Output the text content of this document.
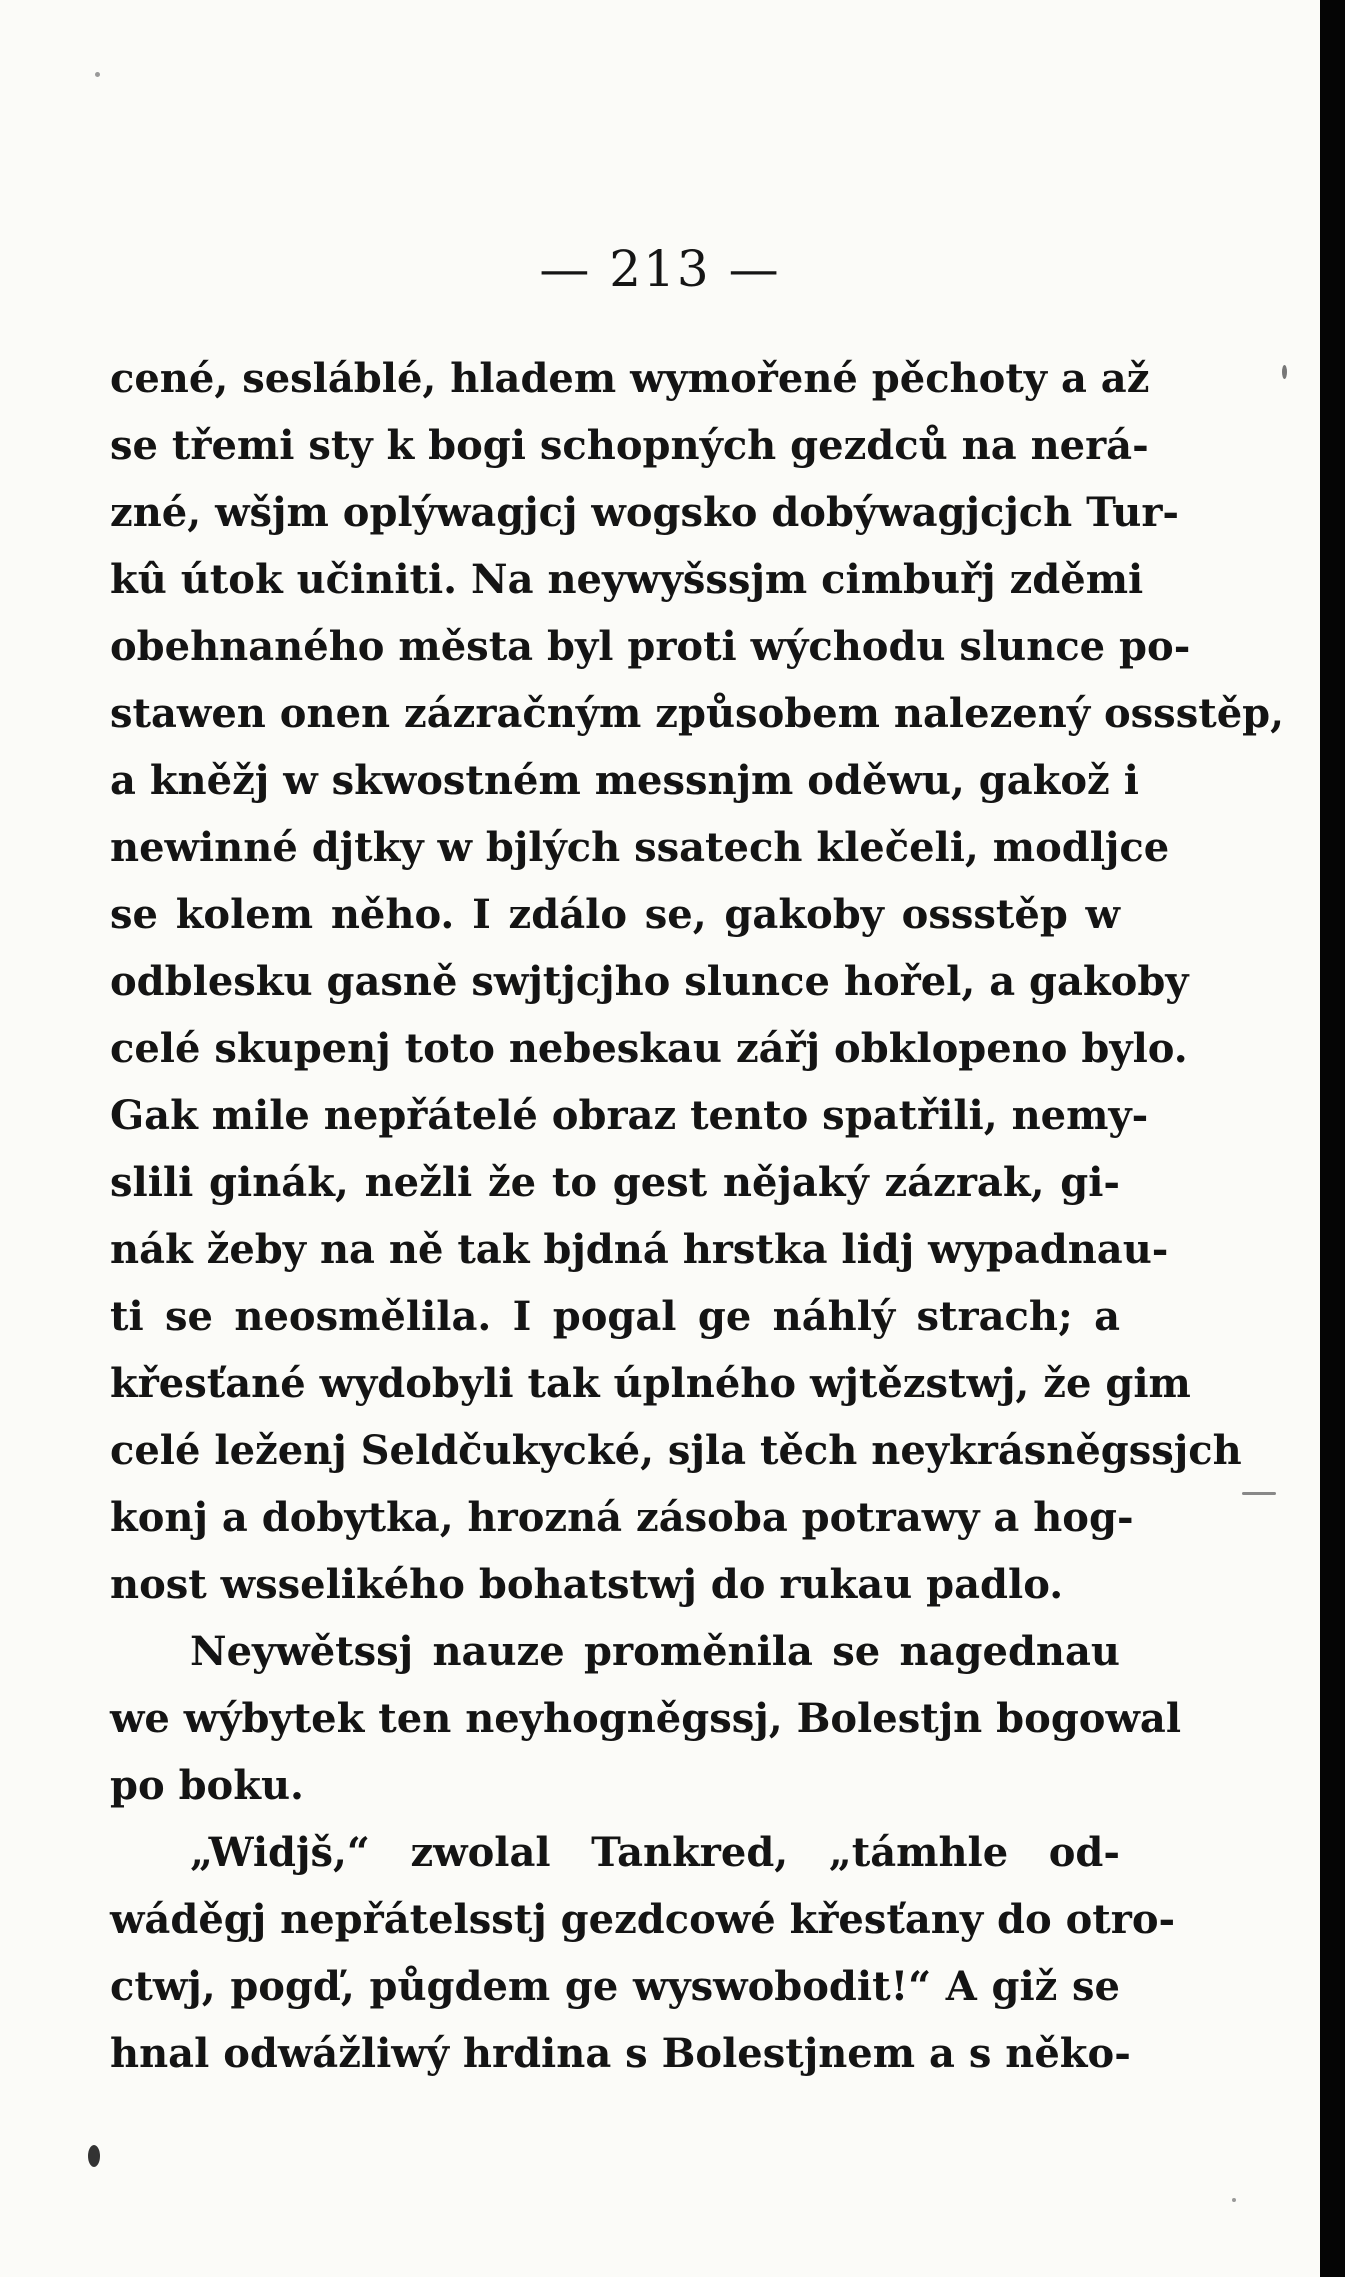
— 213 —
cené, sesláblé, hladem wymořené pěchoty a až
se třemi sty k bogi schopných gezdců na nerá-
zné, wšjm oplýwagjcj wogsko dobýwagjcjch Tur-
kû útok učiniti. Na neywyšssjm cimbuřj zděmi
obehnaného města byl proti wýchodu slunce po-
stawen onen zázračným způsobem nalezený ossstěp,
a kněžj w skwostném messnjm oděwu, gakož i
newinné djtky w bjlých ssatech klečeli, modljce
se kolem něho. I zdálo se, gakoby ossstěp w
odblesku gasně swjtjcjho slunce hořel, a gakoby
celé skupenj toto nebeskau zářj obklopeno bylo.
Gak mile nepřátelé obraz tento spatřili, nemy-
slili ginák, nežli že to gest nějaký zázrak, gi-
nák žeby na ně tak bjdná hrstka lidj wypadnau-
ti se neosmělila. I pogal ge náhlý strach; a
křesťané wydobyli tak úplného wjtězstwj, že gim
celé leženj Seldčukycké, sjla těch neykrásněgssjch
konj a dobytka, hrozná zásoba potrawy a hog-
nost wsselikého bohatstwj do rukau padlo.
Neywětssj nauze proměnila se nagednau
we wýbytek ten neyhogněgssj, Bolestjn bogowal
po boku.
„Widjš,“ zwolal Tankred, „támhle od-
wáděgj nepřátelsstj gezdcowé křesťany do otro-
ctwj, pogď, půgdem ge wyswobodit!“ A giž se
hnal odwážliwý hrdina s Bolestjnem a s něko-
